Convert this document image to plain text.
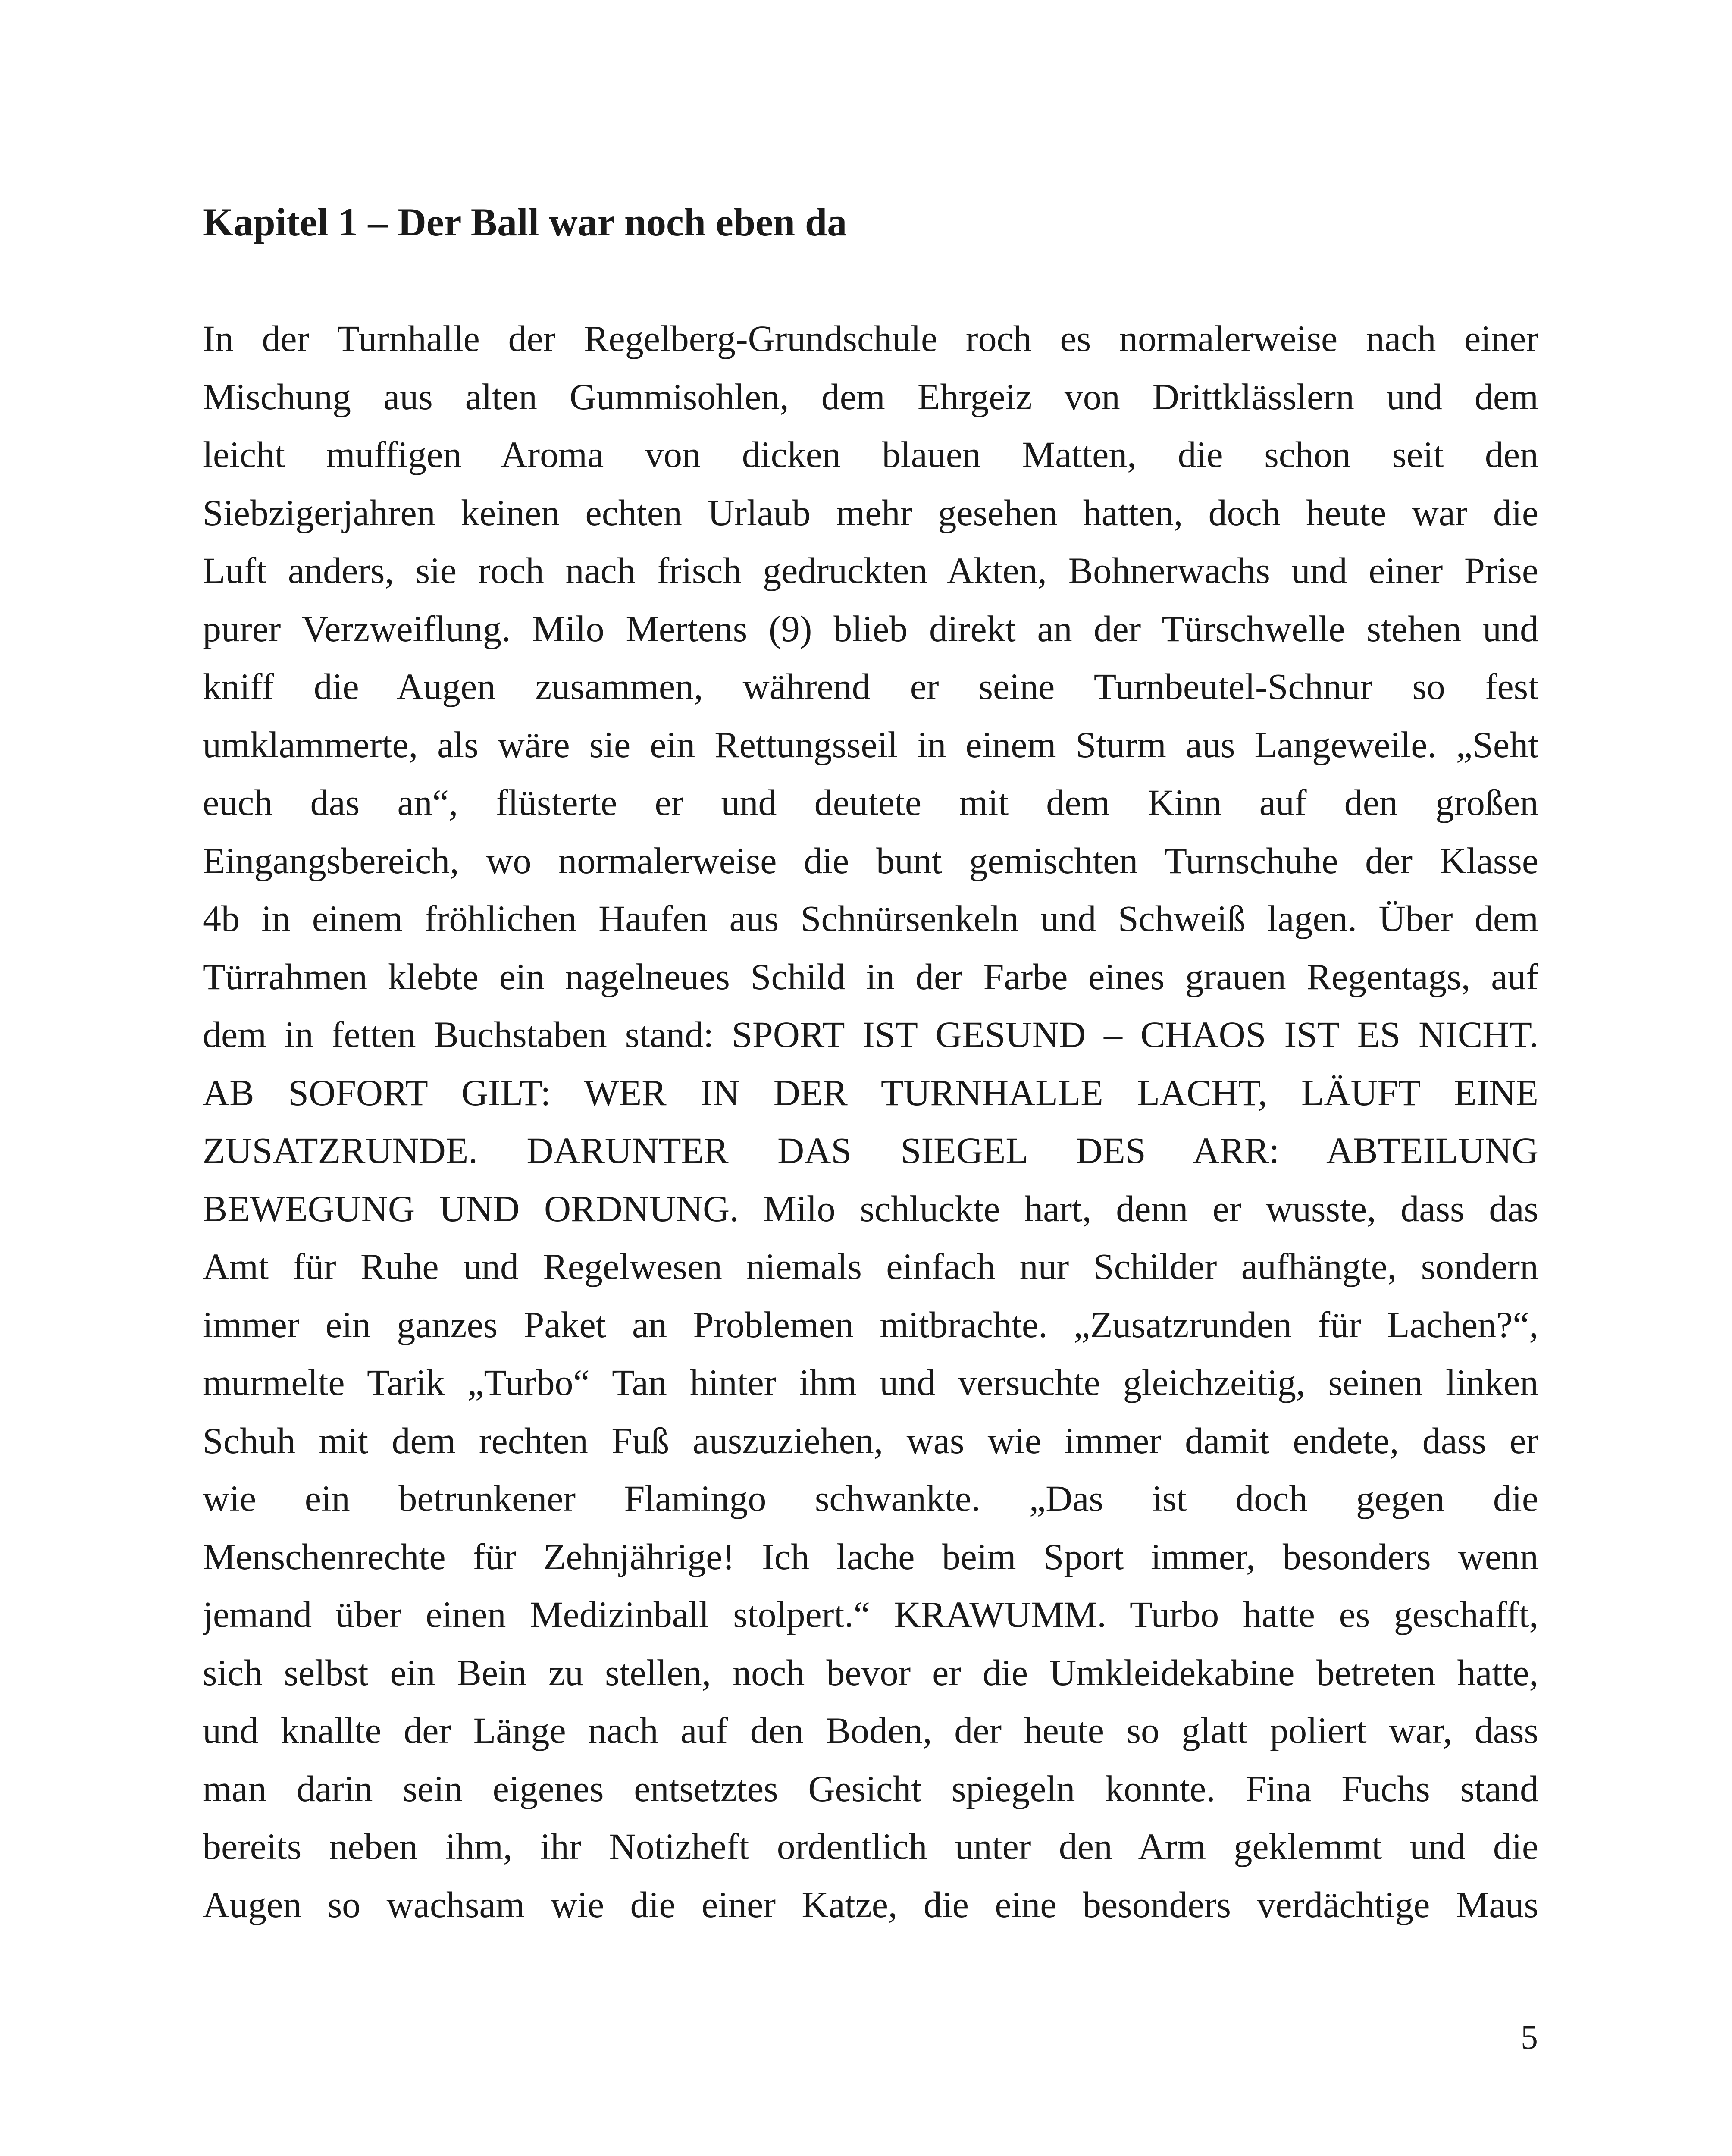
Kapitel 1 – Der Ball war noch eben da
In der Turnhalle der Regelberg-Grundschule roch es normalerweise nach einer
Mischung aus alten Gummisohlen, dem Ehrgeiz von Drittklässlern und dem
leicht muffigen Aroma von dicken blauen Matten, die schon seit den
Siebzigerjahren keinen echten Urlaub mehr gesehen hatten, doch heute war die
Luft anders, sie roch nach frisch gedruckten Akten, Bohnerwachs und einer Prise
purer Verzweiflung. Milo Mertens (9) blieb direkt an der Türschwelle stehen und
kniff die Augen zusammen, während er seine Turnbeutel-Schnur so fest
umklammerte, als wäre sie ein Rettungsseil in einem Sturm aus Langeweile. „Seht
euch das an“, flüsterte er und deutete mit dem Kinn auf den großen
Eingangsbereich, wo normalerweise die bunt gemischten Turnschuhe der Klasse
4b in einem fröhlichen Haufen aus Schnürsenkeln und Schweiß lagen. Über dem
Türrahmen klebte ein nagelneues Schild in der Farbe eines grauen Regentags, auf
dem in fetten Buchstaben stand: SPORT IST GESUND – CHAOS IST ES NICHT.
AB SOFORT GILT: WER IN DER TURNHALLE LACHT, LÄUFT EINE
ZUSATZRUNDE. DARUNTER DAS SIEGEL DES ARR: ABTEILUNG
BEWEGUNG UND ORDNUNG. Milo schluckte hart, denn er wusste, dass das
Amt für Ruhe und Regelwesen niemals einfach nur Schilder aufhängte, sondern
immer ein ganzes Paket an Problemen mitbrachte. „Zusatzrunden für Lachen?“,
murmelte Tarik „Turbo“ Tan hinter ihm und versuchte gleichzeitig, seinen linken
Schuh mit dem rechten Fuß auszuziehen, was wie immer damit endete, dass er
wie ein betrunkener Flamingo schwankte. „Das ist doch gegen die
Menschenrechte für Zehnjährige! Ich lache beim Sport immer, besonders wenn
jemand über einen Medizinball stolpert.“ KRAWUMM. Turbo hatte es geschafft,
sich selbst ein Bein zu stellen, noch bevor er die Umkleidekabine betreten hatte,
und knallte der Länge nach auf den Boden, der heute so glatt poliert war, dass
man darin sein eigenes entsetztes Gesicht spiegeln konnte. Fina Fuchs stand
bereits neben ihm, ihr Notizheft ordentlich unter den Arm geklemmt und die
Augen so wachsam wie die einer Katze, die eine besonders verdächtige Maus
5
